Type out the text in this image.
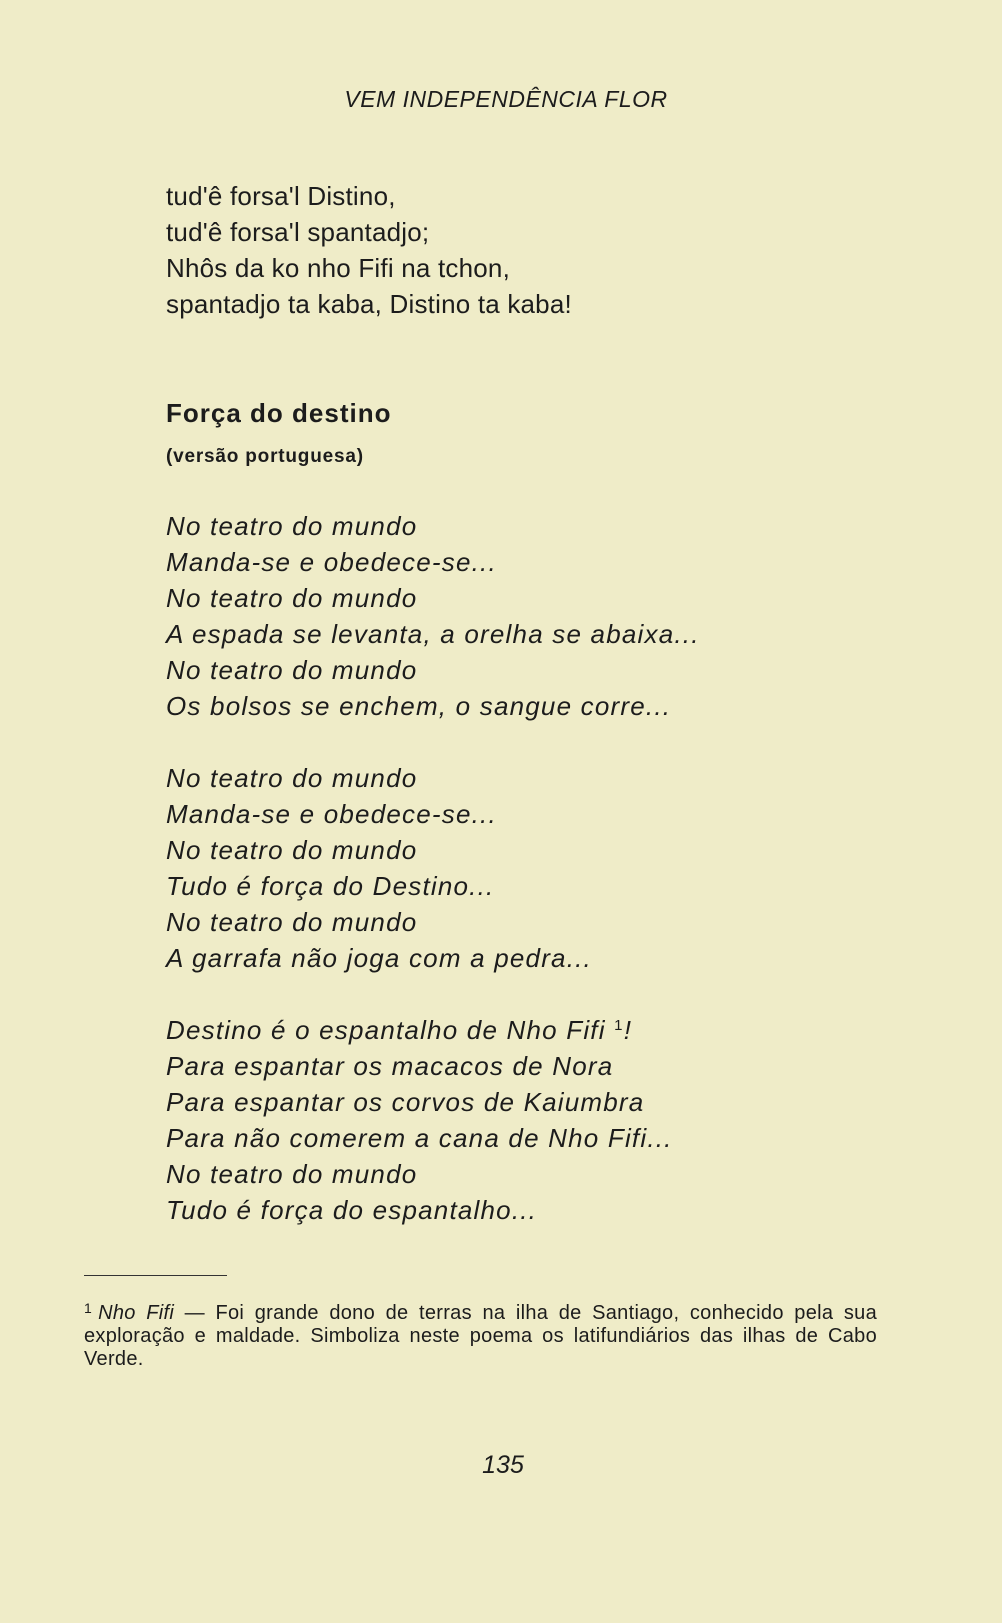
VEM INDEPENDÊNCIA FLOR
tud'ê forsa'l Distino,
tud'ê forsa'l spantadjo;
Nhôs da ko nho Fifi na tchon,
spantadjo ta kaba, Distino ta kaba!
Força do destino
(versão portuguesa)
No teatro do mundo
Manda-se e obedece-se...
No teatro do mundo
A espada se levanta, a orelha se abaixa...
No teatro do mundo
Os bolsos se enchem, o sangue corre...
No teatro do mundo
Manda-se e obedece-se...
No teatro do mundo
Tudo é força do Destino...
No teatro do mundo
A garrafa não joga com a pedra...
Destino é o espantalho de Nho Fifi $^1$!
Para espantar os macacos de Nora
Para espantar os corvos de Kaiumbra
Para não comerem a cana de Nho Fifi...
No teatro do mundo
Tudo é força do espantalho...
$^1$ Nho Fifi — Foi grande dono de terras na ilha de Santiago, conhecido pela sua exploração e maldade. Simboliza neste poema os latifundiários das ilhas de Cabo Verde.
135
